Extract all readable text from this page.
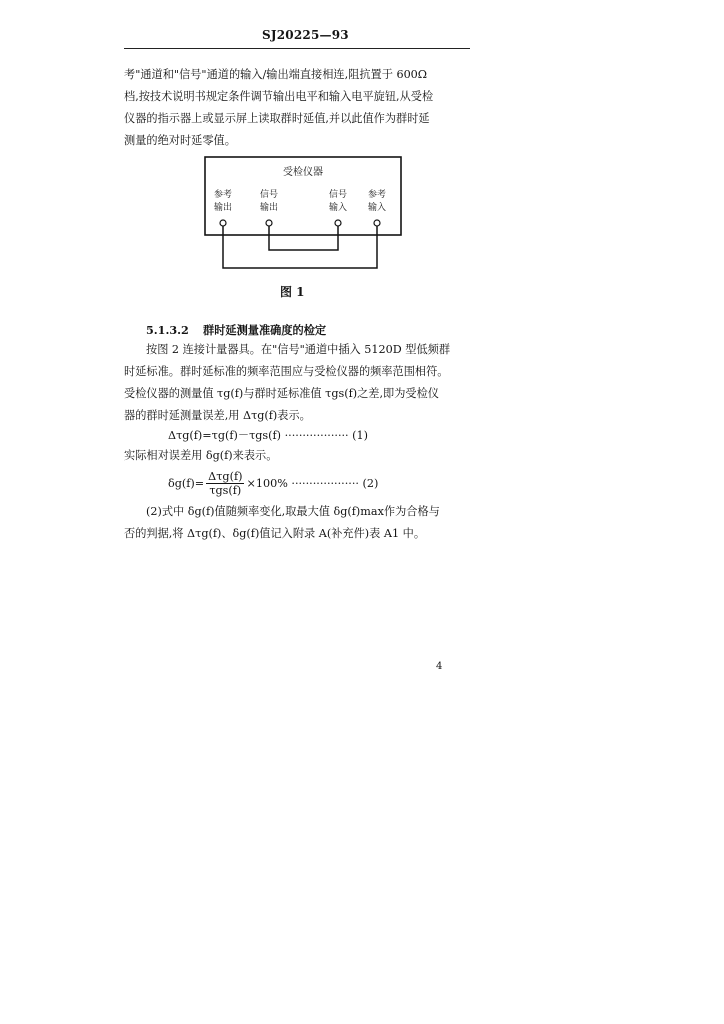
SJ20225—93
考"通道和"信号"通道的输入/输出端直接相连,阻抗置于 600Ω
档,按技术说明书规定条件调节输出电平和输入电平旋钮,从受检
仪器的指示器上或显示屏上读取群时延值,并以此值作为群时延
测量的绝对时延零值。
受检仪器
参考
输出
信号
输出
信号
输入
参考
输入
图 1
5.1.3.2 群时延测量准确度的检定
按图 2 连接计量器具。在"信号"通道中插入 5120D 型低频群
时延标准。群时延标准的频率范围应与受检仪器的频率范围相符。
受检仪器的测量值 τg(f)与群时延标准值 τgs(f)之差,即为受检仪
器的群时延测量误差,用 Δτg(f)表示。
Δτg(f)=τg(f)－τgs(f) ·················· (1)
实际相对误差用 δg(f)来表示。
δg(f)=
Δτg(f)
τgs(f)
×100% ··················· (2)
(2)式中 δg(f)值随频率变化,取最大值 δg(f)max作为合格与
否的判据,将 Δτg(f)、δg(f)值记入附录 A(补充件)表 A1 中。
4
